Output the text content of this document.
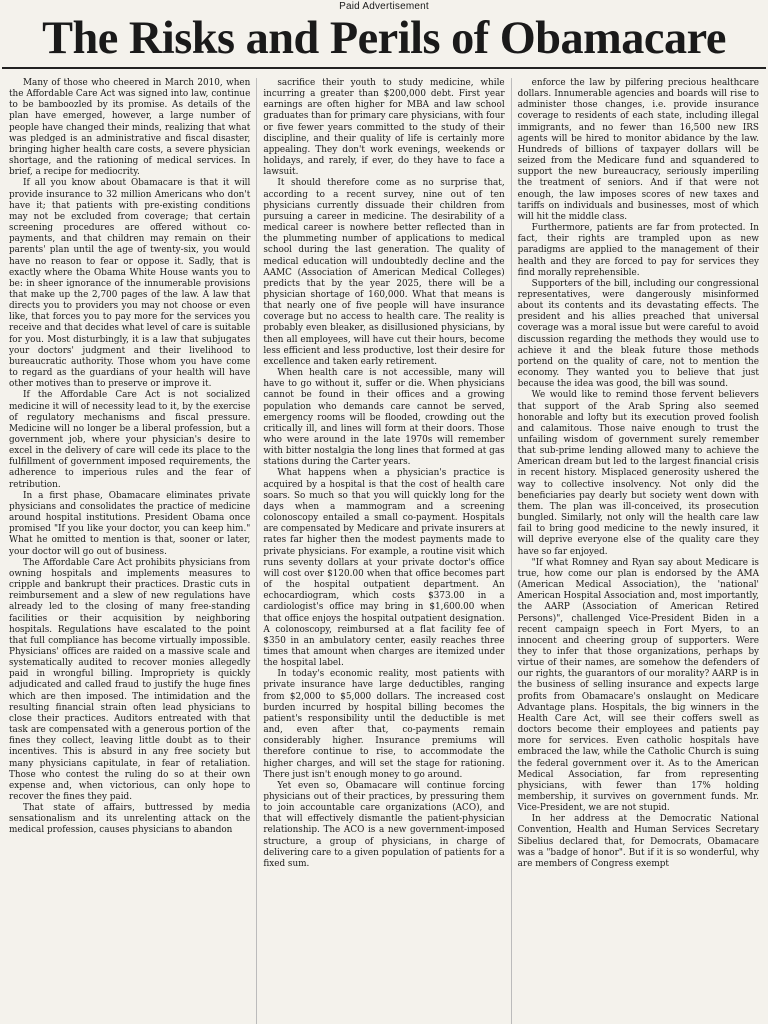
Paid Advertisement
The Risks and Perils of Obamacare

Many of those who cheered in March 2010, when the Affordable Care Act was signed into law, continue to be bamboozled by its promise. As details of the plan have emerged, however, a large number of people have changed their minds, realizing that what was pledged is an administrative and fiscal disaster, bringing higher health care costs, a severe physician shortage, and the rationing of medical services. In brief, a recipe for mediocrity.

If all you know about Obamacare is that it will provide insurance to 32 million Americans who don't have it; that patients with pre-existing conditions may not be excluded from coverage; that certain screening procedures are offered without co-payments, and that children may remain on their parents' plan until the age of twenty-six, you would have no reason to fear or oppose it. Sadly, that is exactly where the Obama White House wants you to be: in sheer ignorance of the innumerable provisions that make up the 2,700 pages of the law. A law that directs you to providers you may not choose or even like, that forces you to pay more for the services you receive and that decides what level of care is suitable for you. Most disturbingly, it is a law that subjugates your doctors' judgment and their livelihood to bureaucratic authority. Those whom you have come to regard as the guardians of your health will have other motives than to preserve or improve it.

If the Affordable Care Act is not socialized medicine it will of necessity lead to it, by the exercise of regulatory mechanisms and fiscal pressure. Medicine will no longer be a liberal profession, but a government job, where your physician's desire to excel in the delivery of care will cede its place to the fulfillment of government imposed requirements, the adherence to imperious rules and the fear of retribution.

In a first phase, Obamacare eliminates private physicians and consolidates the practice of medicine around hospital institutions. President Obama once promised "If you like your doctor, you can keep him." What he omitted to mention is that, sooner or later, your doctor will go out of business.

The Affordable Care Act prohibits physicians from owning hospitals and implements measures to cripple and bankrupt their practices. Drastic cuts in reimbursement and a slew of new regulations have already led to the closing of many free-standing facilities or their acquisition by neighboring hospitals. Regulations have escalated to the point that full compliance has become virtually impossible. Physicians' offices are raided on a massive scale and systematically audited to recover monies allegedly paid in wrongful billing. Impropriety is quickly adjudicated and called fraud to justify the huge fines which are then imposed. The intimidation and the resulting financial strain often lead physicians to close their practices. Auditors entreated with that task are compensated with a generous portion of the fines they collect, leaving little doubt as to their incentives. This is absurd in any free society but many physicians capitulate, in fear of retaliation. Those who contest the ruling do so at their own expense and, when victorious, can only hope to recover the fines they paid.

That state of affairs, buttressed by media sensationalism and its unrelenting attack on the medical profession, causes physicians to abandon

sacrifice their youth to study medicine, while incurring a greater than $200,000 debt. First year earnings are often higher for MBA and law school graduates than for primary care physicians, with four or five fewer years committed to the study of their discipline, and their quality of life is certainly more appealing. They don't work evenings, weekends or holidays, and rarely, if ever, do they have to face a lawsuit.

It should therefore come as no surprise that, according to a recent survey, nine out of ten physicians currently dissuade their children from pursuing a career in medicine. The desirability of a medical career is nowhere better reflected than in the plummeting number of applications to medical school during the last generation. The quality of medical education will undoubtedly decline and the AAMC (Association of American Medical Colleges) predicts that by the year 2025, there will be a physician shortage of 160,000. What that means is that nearly one of five people will have insurance coverage but no access to health care. The reality is probably even bleaker, as disillusioned physicians, by then all employees, will have cut their hours, become less efficient and less productive, lost their desire for excellence and taken early retirement.

When health care is not accessible, many will have to go without it, suffer or die. When physicians cannot be found in their offices and a growing population who demands care cannot be served, emergency rooms will be flooded, crowding out the critically ill, and lines will form at their doors. Those who were around in the late 1970s will remember with bitter nostalgia the long lines that formed at gas stations during the Carter years.

What happens when a physician's practice is acquired by a hospital is that the cost of health care soars. So much so that you will quickly long for the days when a mammogram and a screening colonoscopy entailed a small co-payment. Hospitals are compensated by Medicare and private insurers at rates far higher then the modest payments made to private physicians. For example, a routine visit which runs seventy dollars at your private doctor's office will cost over $120.00 when that office becomes part of the hospital outpatient department. An echocardiogram, which costs $373.00 in a cardiologist's office may bring in $1,600.00 when that office enjoys the hospital outpatient designation. A colonoscopy, reimbursed at a flat facility fee of $350 in an ambulatory center, easily reaches three times that amount when charges are itemized under the hospital label.

In today's economic reality, most patients with private insurance have large deductibles, ranging from $2,000 to $5,000 dollars. The increased cost burden incurred by hospital billing becomes the patient's responsibility until the deductible is met and, even after that, co-payments remain considerably higher. Insurance premiums will therefore continue to rise, to accommodate the higher charges, and will set the stage for rationing. There just isn't enough money to go around.

Yet even so, Obamacare will continue forcing physicians out of their practices, by pressuring them to join accountable care organizations (ACO), and that will effectively dismantle the patient-physician relationship. The ACO is a new government-imposed structure, a group of physicians, in charge of delivering care to a given population of patients for a fixed sum.

enforce the law by pilfering precious healthcare dollars. Innumerable agencies and boards will rise to administer those changes, i.e. provide insurance coverage to residents of each state, including illegal immigrants, and no fewer than 16,500 new IRS agents will be hired to monitor abidance by the law. Hundreds of billions of taxpayer dollars will be seized from the Medicare fund and squandered to support the new bureaucracy, seriously imperiling the treatment of seniors. And if that were not enough, the law imposes scores of new taxes and tariffs on individuals and businesses, most of which will hit the middle class.

Furthermore, patients are far from protected. In fact, their rights are trampled upon as new paradigms are applied to the management of their health and they are forced to pay for services they find morally reprehensible.

Supporters of the bill, including our congressional representatives, were dangerously misinformed about its contents and its devastating effects. The president and his allies preached that universal coverage was a moral issue but were careful to avoid discussion regarding the methods they would use to achieve it and the bleak future those methods portend on the quality of care, not to mention the economy. They wanted you to believe that just because the idea was good, the bill was sound.

We would like to remind those fervent believers that support of the Arab Spring also seemed honorable and lofty but its execution proved foolish and calamitous. Those naive enough to trust the unfailing wisdom of government surely remember that sub-prime lending allowed many to achieve the American dream but led to the largest financial crisis in recent history. Misplaced generosity ushered the way to collective insolvency. Not only did the beneficiaries pay dearly but society went down with them. The plan was ill-conceived, its prosecution bungled. Similarly, not only will the health care law fail to bring good medicine to the newly insured, it will deprive everyone else of the quality care they have so far enjoyed.

"If what Romney and Ryan say about Medicare is true, how come our plan is endorsed by the AMA (American Medical Association), the 'national' American Hospital Association and, most importantly, the AARP (Association of American Retired Persons)", challenged Vice-President Biden in a recent campaign speech in Fort Myers, to an innocent and cheering group of supporters. Were they to infer that those organizations, perhaps by virtue of their names, are somehow the defenders of our rights, the guarantors of our morality? AARP is in the business of selling insurance and expects large profits from Obamacare's onslaught on Medicare Advantage plans. Hospitals, the big winners in the Health Care Act, will see their coffers swell as doctors become their employees and patients pay more for services. Even catholic hospitals have embraced the law, while the Catholic Church is suing the federal government over it. As to the American Medical Association, far from representing physicians, with fewer than 17% holding membership, it survives on government funds. Mr. Vice-President, we are not stupid.

In her address at the Democratic National Convention, Health and Human Services Secretary Sibelius declared that, for Democrats, Obamacare was a "badge of honor". But if it is so wonderful, why are members of Congress exempt
